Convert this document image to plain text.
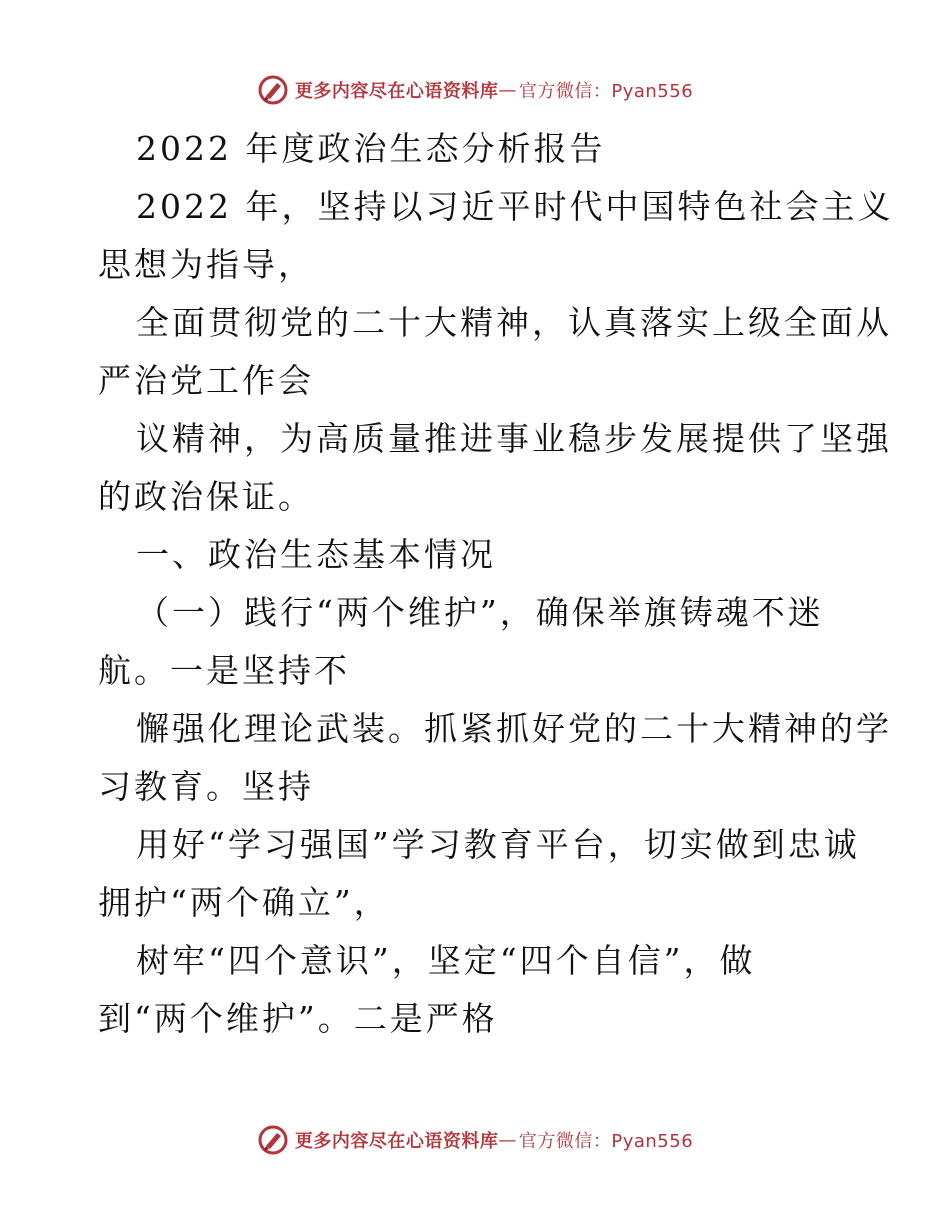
更多内容尽在心语资料库 — 官方微信：Pyan556
2022 年度政治生态分析报告
2022 年，坚持以习近平时代中国特色社会主义
思想为指导，
全面贯彻党的二十大精神，认真落实上级全面从
严治党工作会
议精神，为高质量推进事业稳步发展提供了坚强
的政治保证。
一、政治生态基本情况
（一）践行“两个维护”，确保举旗铸魂不迷
航。一是坚持不
懈强化理论武装。抓紧抓好党的二十大精神的学
习教育。坚持
用好“学习强国”学习教育平台，切实做到忠诚
拥护“两个确立”，
树牢“四个意识”，坚定“四个自信”，做
到“两个维护”。二是严格
更多内容尽在心语资料库 — 官方微信：Pyan556
